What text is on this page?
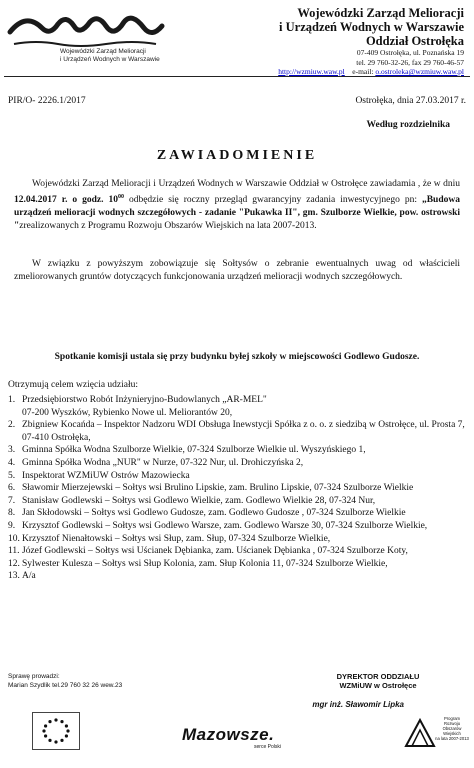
Wojewódzki Zarząd Melioracji
i Urządzeń Wodnych w Warszawie
Wojewódzki Zarząd Melioracji
i Urządzeń Wodnych w Warszawie
Oddział Ostrołęka
07-409 Ostrołęka, ul. Poznańska 19
tel. 29 760-32-26, fax 29 760-46-57
http://wzmiuw.waw.pl e-mail: o.ostroleka@wzmiuw.waw.pl
PIR/O- 2226.1/2017	Ostrołęka, dnia 27.03.2017 r.
Według rozdzielnika
ZAWIADOMIENIE
Wojewódzki Zarząd Melioracji i Urządzeń Wodnych w Warszawie Oddział w Ostrołęce zawiadamia , że w dniu 12.04.2017 r. o godz. $10^{00}$ odbędzie się roczny przegląd gwarancyjny zadania inwestycyjnego pn: „Budowa urządzeń melioracji wodnych szczegółowych - zadanie "Pukawka II", gm. Szulborze Wielkie, pow. ostrowski "zrealizowanych z Programu Rozwoju Obszarów Wiejskich na lata 2007-2013.
W związku z powyższym zobowiązuje się Sołtysów o zebranie ewentualnych uwag od właścicieli zmeliorowanych gruntów dotyczących funkcjonowania urządzeń melioracji wodnych szczegółowych.
Spotkanie komisji ustala się przy budynku byłej szkoły w miejscowości Godlewo Gudosze.
Otrzymują celem wzięcia udziału:
1. Przedsiębiorstwo Robót Inżynieryjno-Budowlanych „AR-MEL"
07-200 Wyszków, Rybienko Nowe ul. Meliorantów 20,
2. Zbigniew Kocańda – Inspektor Nadzoru WDI Obsługa Inewstycji Spółka z o. o. z siedzibą w Ostrołęce, ul. Prosta 7, 07-410 Ostrołęka,
3. Gminna Spółka Wodna Szulborze Wielkie, 07-324 Szulborze Wielkie ul. Wyszyńskiego 1,
4. Gminna Spółka Wodna „NUR" w Nurze, 07-322 Nur, ul. Drohiczyńska 2,
5. Inspektorat WZMiUW Ostrów Mazowiecka
6. Sławomir Mierzejewski – Sołtys wsi Brulino Lipskie, zam. Brulino Lipskie, 07-324 Szulborze Wielkie
7. Stanisław Godlewski – Sołtys wsi Godlewo Wielkie, zam. Godlewo Wielkie 28, 07-324 Nur,
8. Jan Skłodowski – Sołtys wsi Godlewo Gudosze, zam. Godlewo Gudosze , 07-324 Szulborze Wielkie
9. Krzysztof Godlewski – Sołtys wsi Godlewo Warsze, zam. Godlewo Warsze 30, 07-324 Szulborze Wielkie,
10. Krzysztof Nienałtowski – Sołtys wsi Słup, zam. Słup, 07-324 Szulborze Wielkie,
11. Józef Godlewski – Sołtys wsi Uścianek Dębianka, zam. Uścianek Dębianka , 07-324 Szulborze Koty,
12. Sylwester Kulesza – Sołtys wsi Słup Kolonia, zam. Słup Kolonia 11, 07-324 Szulborze Wielkie,
13. A/a
Sprawę prowadzi:
Marian Szydlik tel.29 760 32 26 wew.23
DYREKTOR ODDZIAŁU
WZMiUW w Ostrołęce
mgr inż. Sławomir Lipka
Mazowsze.
serce Polski
Program
Rozwoju
Obszarów
Wiejskich
na lata 2007-2013
